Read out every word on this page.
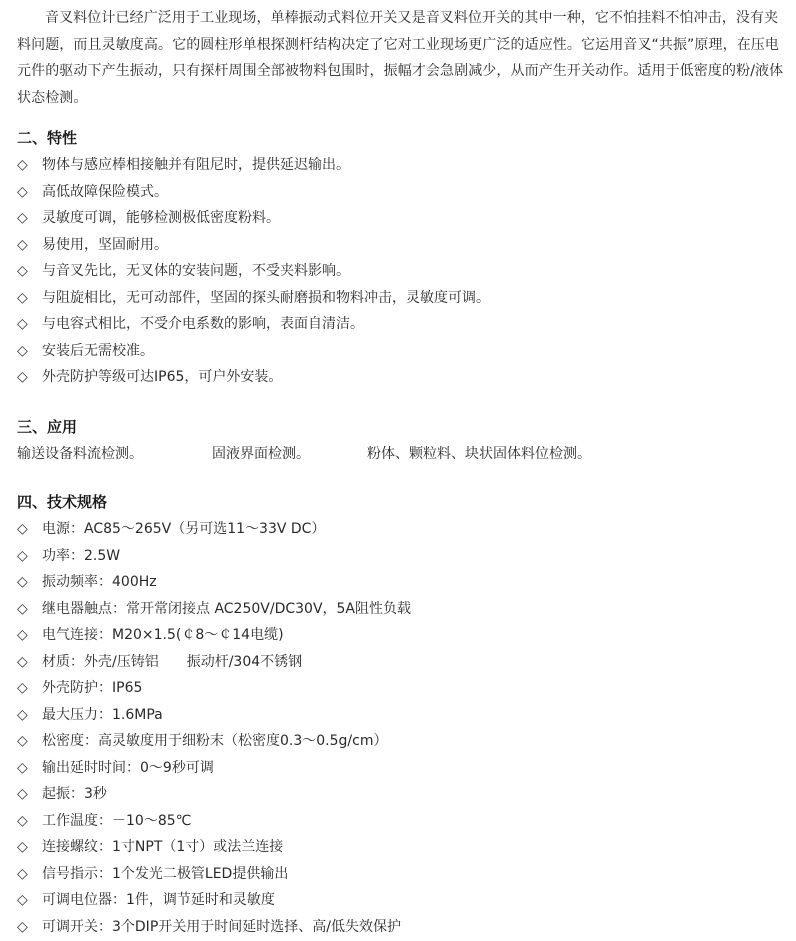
音叉料位计已经广泛用于工业现场，单棒振动式料位开关又是音叉料位开关的其中一种，它不怕挂料不怕冲击，没有夹料问题，而且灵敏度高。它的圆柱形单根探测杆结构决定了它对工业现场更广泛的适应性。它运用音叉“共振”原理，在压电元件的驱动下产生振动，只有探杆周围全部被物料包围时，振幅才会急剧减少，从而产生开关动作。适用于低密度的粉/液体状态检测。

二、特性
◇ 物体与感应棒相接触并有阻尼时，提供延迟输出。
◇ 高低故障保险模式。
◇ 灵敏度可调，能够检测极低密度粉料。
◇ 易使用，坚固耐用。
◇ 与音叉先比，无叉体的安装问题，不受夹料影响。
◇ 与阻旋相比，无可动部件，坚固的探头耐磨损和物料冲击，灵敏度可调。
◇ 与电容式相比，不受介电系数的影响，表面自清洁。
◇ 安装后无需校准。
◇ 外壳防护等级可达IP65，可户外安装。
三、应用
输送设备料流检测。	固液界面检测。	粉体、颗粒料、块状固体料位检测。
四、技术规格
◇ 电源：AC85～265V（另可选11～33V DC）
◇ 功率：2.5W
◇ 振动频率：400Hz
◇ 继电器触点：常开常闭接点 AC250V/DC30V，5A阻性负载
◇ 电气连接：M20×1.5(￠8～￠14电缆)
◇ 材质：外壳/压铸铝　　振动杆/304不锈钢
◇ 外壳防护：IP65
◇ 最大压力：1.6MPa
◇ 松密度：高灵敏度用于细粉末（松密度0.3～0.5g/cm）
◇ 输出延时时间：0～9秒可调
◇ 起振：3秒
◇ 工作温度：－10～85℃
◇ 连接螺纹：1寸NPT（1寸）或法兰连接
◇ 信号指示：1个发光二极管LED提供输出
◇ 可调电位器：1件，调节延时和灵敏度
◇ 可调开关：3个DIP开关用于时间延时选择、高/低失效保护
